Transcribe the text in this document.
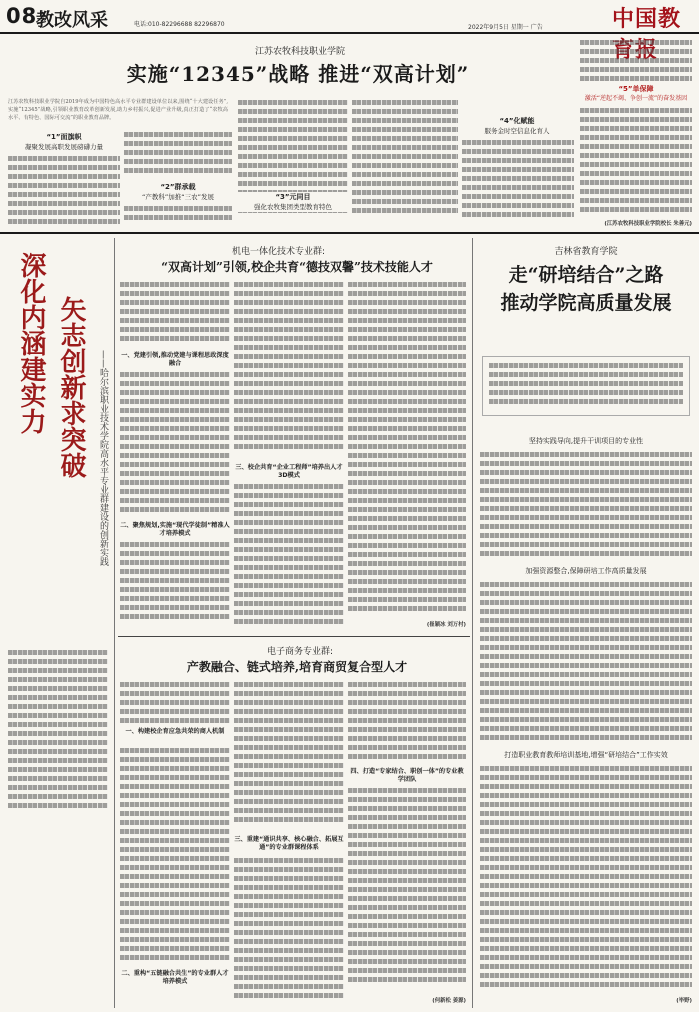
08
教改风采	电话:010-82296688 82296870	2022年9月5日 星期一 广告	中国教
江苏农牧科技职业学院
实施“12345”战略 推进“双高计划”
江苏农牧科技职业学院自2019年成为中国特色高水平专业群建设单位以来,围绕“十大建设任务”,实施“12345”战略,引领职业教育改革创新发展,助力乡村振兴,促进产业升级,真正打造了“农牧高水平、有特色、国际可交流”的职业教育品牌。
“1”面旗帜
凝聚发展高职发展磅礴力量
“2”群承载
“产教科”加推“三农”发展	“3”元同目
强化农牧集团类型教育特色
“4”化赋能
服务金时空信息化育人
“5”单保障
激活“逆起不竭、争创一流”的奋发基因
(江苏农牧科技职业学院校长 朱善元)
深化内涵建实力 矢志创新求突破	——哈尔滨职业技术学院高水平专业群建设的创新实践
机电一体化技术专业群:
“双高计划”引领,校企共育“德技双馨”技术技能人才
一、党建引领,推动党建与课程思政深度融合
二、聚焦规划,实施“现代学徒制”精准人才培养模式
三、校企共育“企业工程师”培养出人才3D模式
(崔颖冰 刘万村)
电子商务专业群:
产教融合、链式培养,培育商贸复合型人才
一、构建校企育应急共荣的商人机制
二、重构“五链融合共生”的专业群人才培养模式
三、重建“通识共享、核心融合、拓展互通”的专业群课程体系
四、打造“专家结合、职创一体”的专业教学团队
(何新松 姜源)
吉林省教育学院
走“研培结合”之路
推动学院高质量发展
坚持实践导向,提升干训项目的专业性
加强资源整合,保障研培工作高质量发展
打造职业教育教师培训基地,增强“研培结合”工作实效
(毕野)
